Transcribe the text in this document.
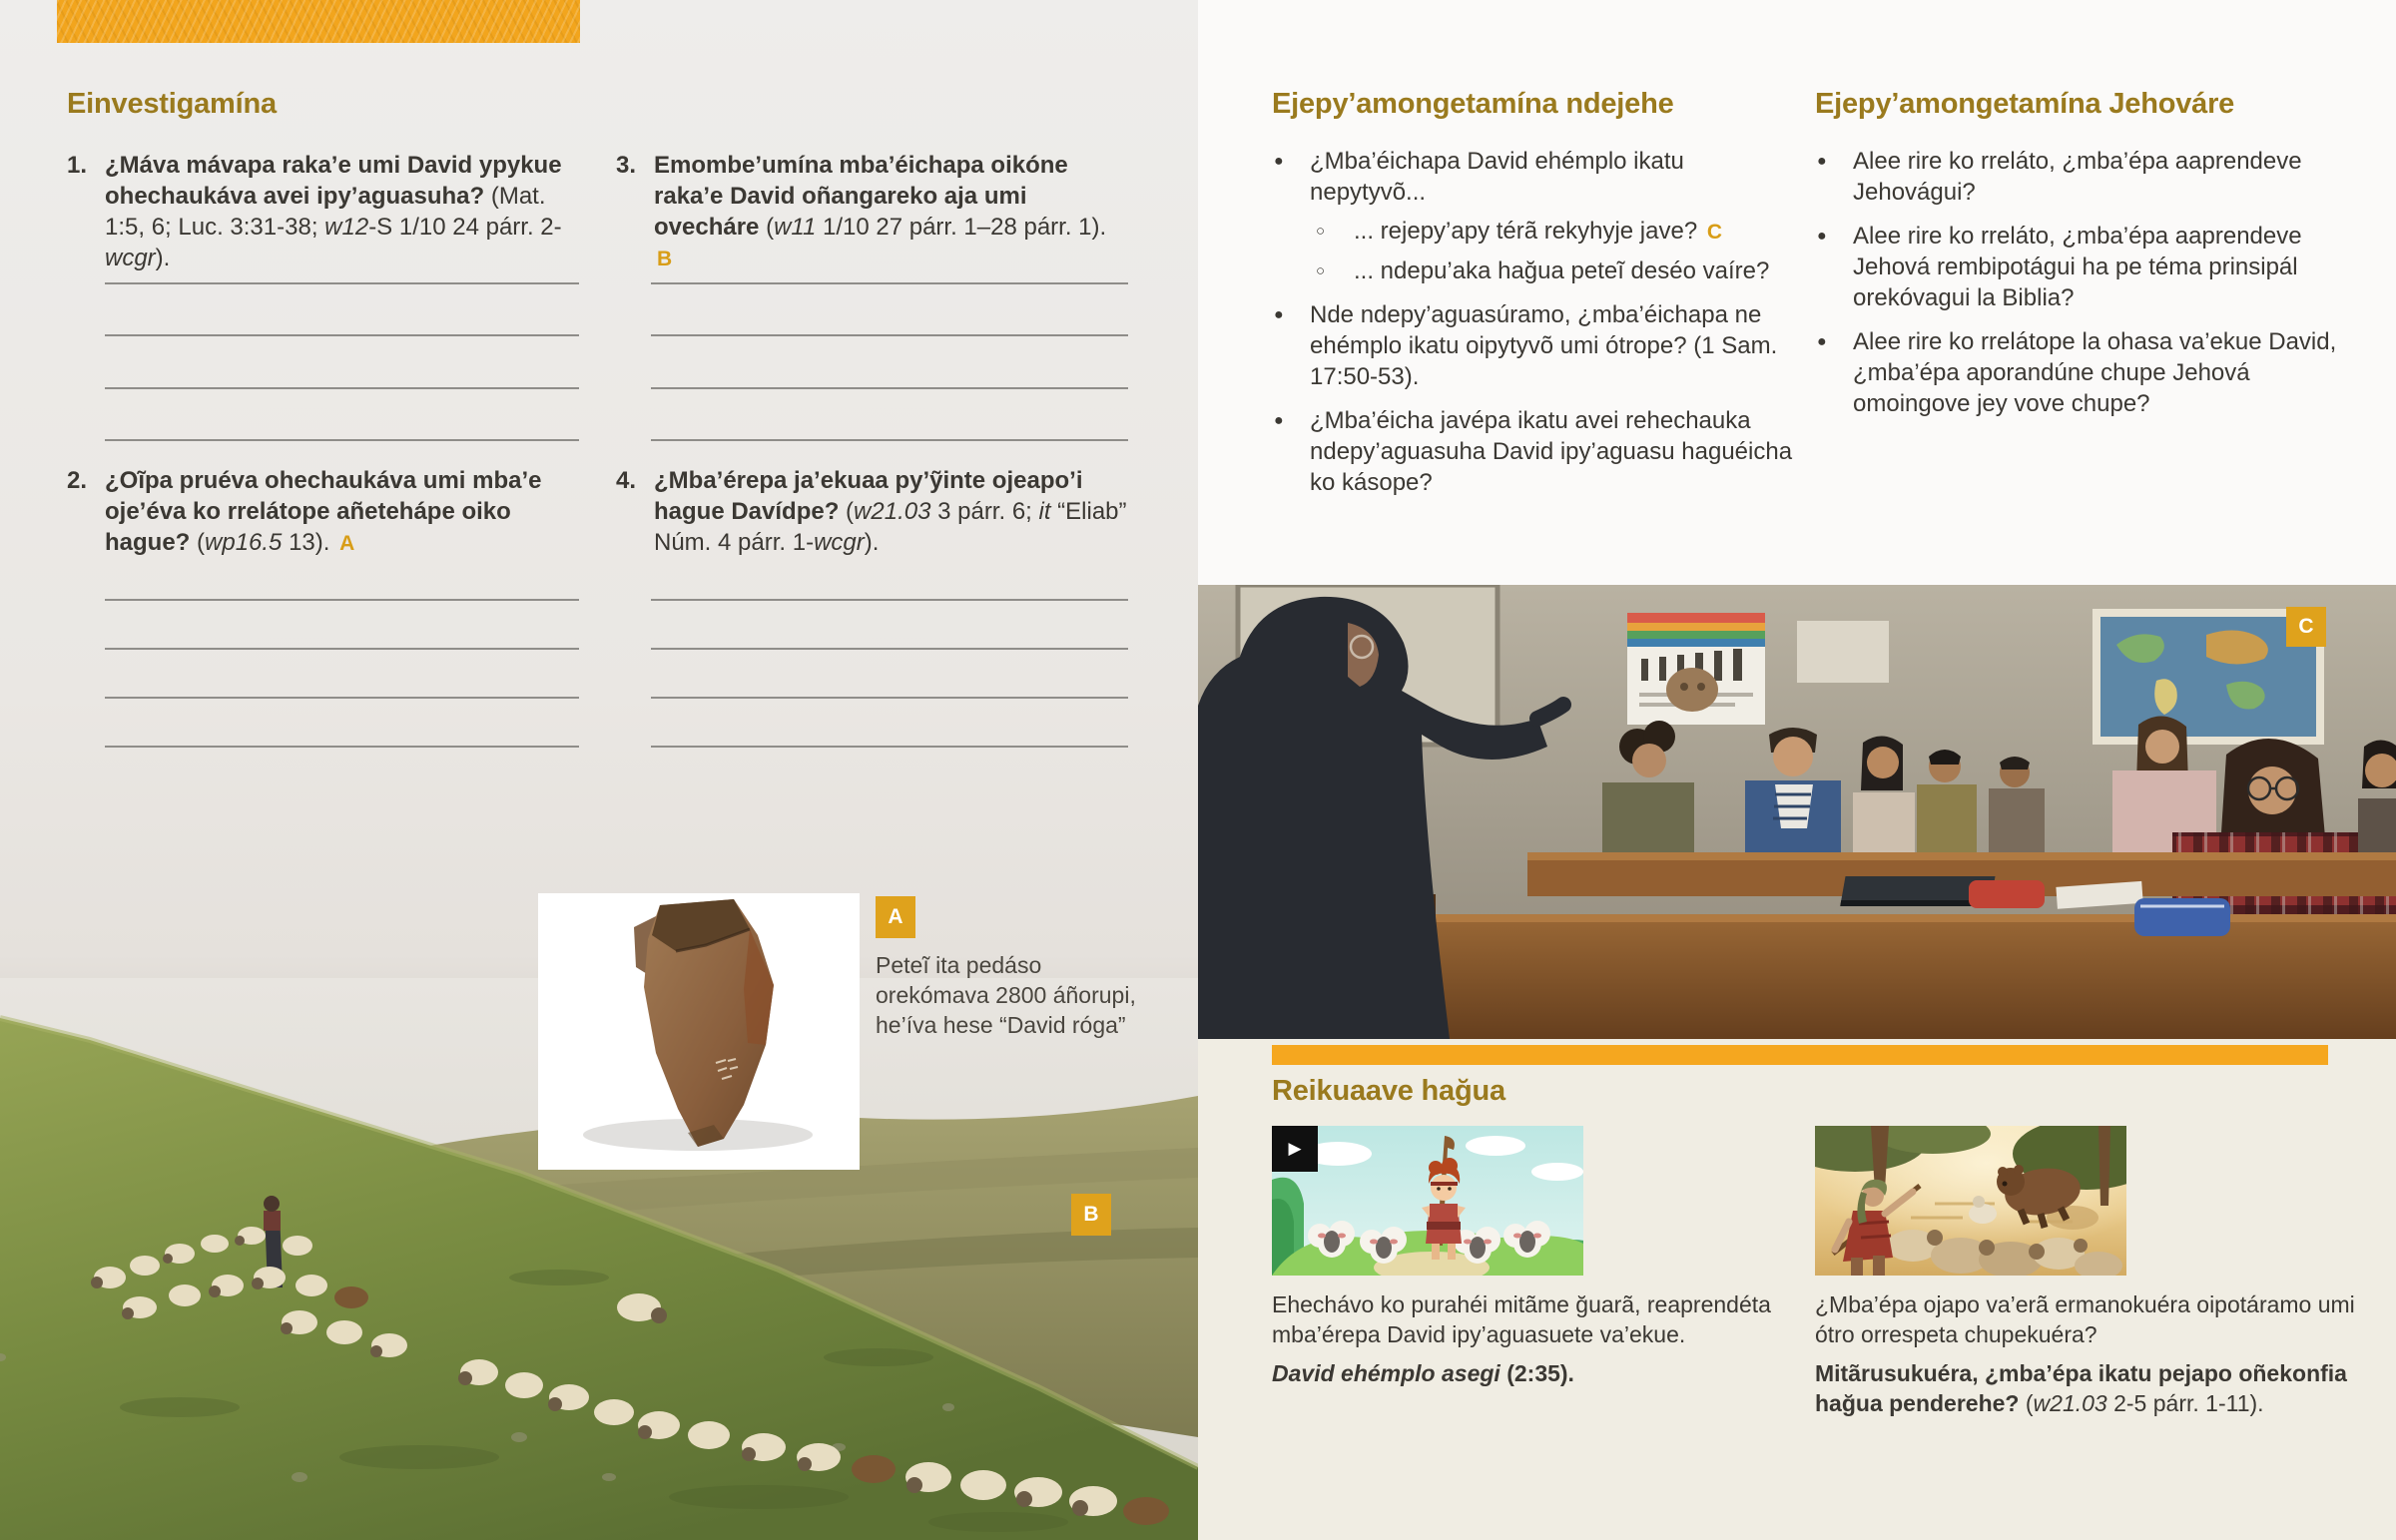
Einvestigamína
1. ¿Máva mávapa raka’e umi David ypykue ohechaukáva avei ipy’aguasuha? (Mat. 1:5, 6; Luc. 3:31-38; w12-S 1/10 24 párr. 2-wcgr).

3. Emombe’umína mba’éichapa oikóne raka’e David oñangareko aja umi ovecháre (w11 1/10 27 párr. 1–28 párr. 1). B

2. ¿Oĩpa pruéva ohechaukáva umi mba’e oje’éva ko rrelátope añetehápe oiko hague? (wp16.5 13). A

4. ¿Mba’érepa ja’ekuaa py’ỹinte ojeapo’i hague Davídpe? (w21.03 3 párr. 6; it “Eliab” Núm. 4 párr. 1-wcgr).

A

Peteĩ ita pedáso orekómava 2800 áñorupi, he’íva hese “David róga”

B
Ejepy’amongetamína ndejehe
● ¿Mba’éichapa David ehémplo ikatu nepytyvõ...
○ ... rejepy’apy térã rekyhyje jave? C
○ ... ndepu’aka hağua peteĩ deséo vaíre?
● Nde ndepy’aguasúramo, ¿mba’éichapa ne ehémplo ikatu oipytyvõ umi ótrope? (1 Sam. 17:50-53).
● ¿Mba’éicha javépa ikatu avei rehechauka ndepy’aguasuha David ipy’aguasu haguéicha ko kásope?
Ejepy’amongetamína Jehováre
● Alee rire ko rreláto, ¿mba’épa aaprendeve Jehovágui?
● Alee rire ko rreláto, ¿mba’épa aaprendeve Jehová rembipotágui ha pe téma prinsipál orekóvagui la Biblia?
● Alee rire ko rrelátope la ohasa va’ekue David, ¿mba’épa aporandúne chupe Jehová omoingove jey vove chupe?
C
Reikuaave hağua
▶

Ehechávo ko purahéi mitãme ğuarã, reaprendéta mba’érepa David ipy’aguasuete va’ekue.

David ehémplo asegi (2:35).

¿Mba’épa ojapo va’erã ermanokuéra oipotáramo umi ótro orrespeta chupekuéra?

Mitãrusukuéra, ¿mba’épa ikatu pejapo oñekonfia hağua penderehe? (w21.03 2-5 párr. 1-11).
